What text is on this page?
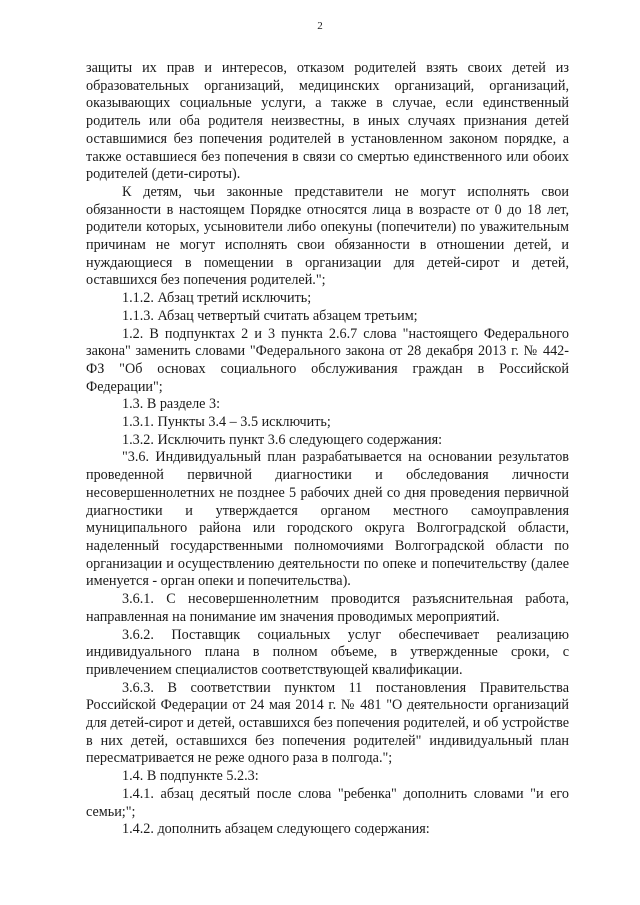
2

защиты их прав и интересов, отказом родителей взять своих детей из образовательных организаций, медицинских организаций, организаций, оказывающих социальные услуги, а также в случае, если единственный родитель или оба родителя неизвестны, в иных случаях признания детей оставшимися без попечения родителей в установленном законом порядке, а также оставшиеся без попечения в связи со смертью единственного или обоих родителей (дети-сироты).

К детям, чьи законные представители не могут исполнять свои обязанности в настоящем Порядке относятся лица в возрасте от 0 до 18 лет, родители которых, усыновители либо опекуны (попечители) по уважительным причинам не могут исполнять свои обязанности в отношении детей, и нуждающиеся в помещении в организации для детей-сирот и детей, оставшихся без попечения родителей.";

1.1.2. Абзац третий исключить;

1.1.3. Абзац четвертый считать абзацем третьим;

1.2. В подпунктах 2 и 3 пункта 2.6.7 слова "настоящего Федерального закона" заменить словами "Федерального закона от 28 декабря 2013 г. № 442-ФЗ "Об основах социального обслуживания граждан в Российской Федерации";

1.3. В разделе 3:

1.3.1. Пункты 3.4 – 3.5 исключить;

1.3.2. Исключить пункт 3.6 следующего содержания:

"3.6. Индивидуальный план разрабатывается на основании результатов проведенной первичной диагностики и обследования личности несовершеннолетних не позднее 5 рабочих дней со дня проведения первичной диагностики и утверждается органом местного самоуправления муниципального района или городского округа Волгоградской области, наделенный государственными полномочиями Волгоградской области по организации и осуществлению деятельности по опеке и попечительству (далее именуется - орган опеки и попечительства).

3.6.1. С несовершеннолетним проводится разъяснительная работа, направленная на понимание им значения проводимых мероприятий.

3.6.2. Поставщик социальных услуг обеспечивает реализацию индивидуального плана в полном объеме, в утвержденные сроки, с привлечением специалистов соответствующей квалификации.

3.6.3. В соответствии пунктом 11 постановления Правительства Российской Федерации от 24 мая 2014 г. № 481 "О деятельности организаций для детей-сирот и детей, оставшихся без попечения родителей, и об устройстве в них детей, оставшихся без попечения родителей" индивидуальный план пересматривается не реже одного раза в полгода.";

1.4. В подпункте 5.2.3:

1.4.1. абзац десятый после слова "ребенка" дополнить словами "и его семьи;";

1.4.2. дополнить абзацем следующего содержания:
